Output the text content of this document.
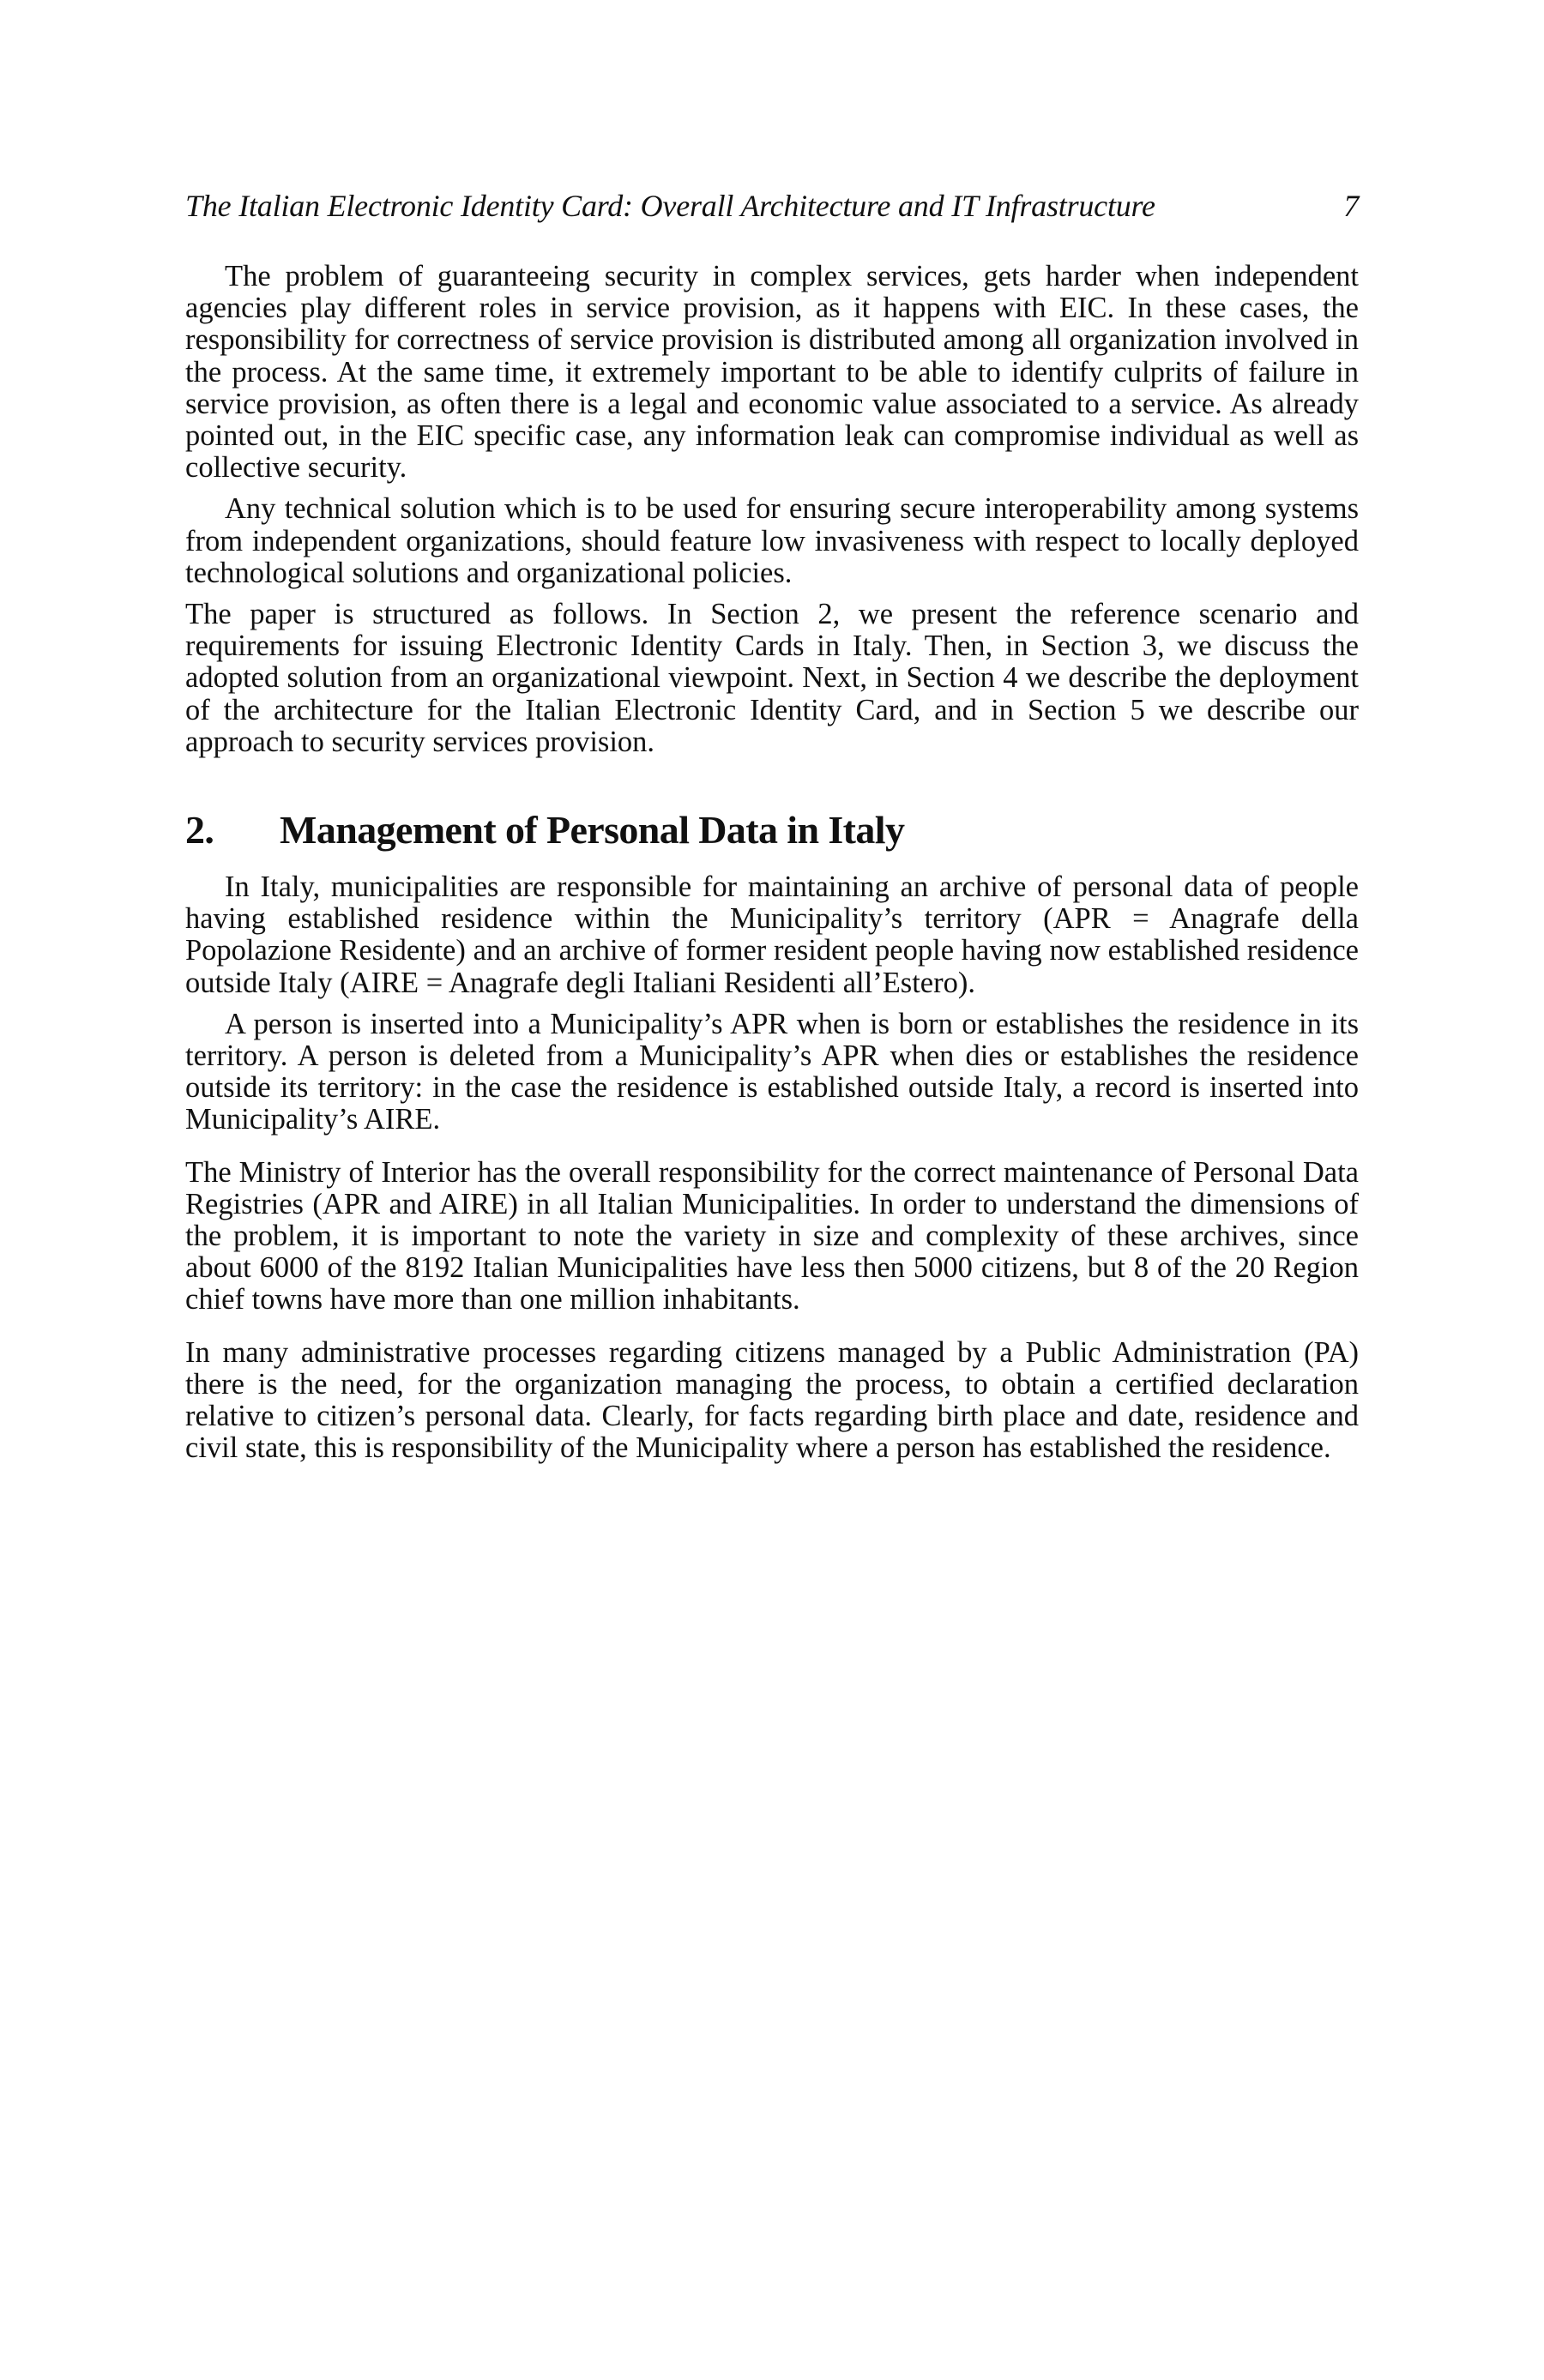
The Italian Electronic Identity Card: Overall Architecture and IT Infrastructure	7

The problem of guaranteeing security in complex services, gets harder when independent agencies play different roles in service provision, as it happens with EIC. In these cases, the responsibility for correctness of service provision is distributed among all organization involved in the process. At the same time, it extremely important to be able to identify culprits of failure in service provision, as often there is a legal and economic value associated to a service. As already pointed out, in the EIC specific case, any information leak can compromise individual as well as collective security.

Any technical solution which is to be used for ensuring secure interoperability among systems from independent organizations, should feature low invasiveness with respect to locally deployed technological solutions and organizational policies.

The paper is structured as follows. In Section 2, we present the reference scenario and requirements for issuing Electronic Identity Cards in Italy. Then, in Section 3, we discuss the adopted solution from an organizational viewpoint. Next, in Section 4 we describe the deployment of the architecture for the Italian Electronic Identity Card, and in Section 5 we describe our approach to security services provision.

2.	Management of Personal Data in Italy

In Italy, municipalities are responsible for maintaining an archive of personal data of people having established residence within the Municipality’s territory (APR = Anagrafe della Popolazione Residente) and an archive of former resident people having now established residence outside Italy (AIRE = Anagrafe degli Italiani Residenti all’Estero).

A person is inserted into a Municipality’s APR when is born or establishes the residence in its territory. A person is deleted from a Municipality’s APR when dies or establishes the residence outside its territory: in the case the residence is established outside Italy, a record is inserted into Municipality’s AIRE.

The Ministry of Interior has the overall responsibility for the correct maintenance of Personal Data Registries (APR and AIRE) in all Italian Municipalities. In order to understand the dimensions of the problem, it is important to note the variety in size and complexity of these archives, since about 6000 of the 8192 Italian Municipalities have less then 5000 citizens, but 8 of the 20 Region chief towns have more than one million inhabitants.

In many administrative processes regarding citizens managed by a Public Administration (PA) there is the need, for the organization managing the process, to obtain a certified declaration relative to citizen’s personal data. Clearly, for facts regarding birth place and date, residence and civil state, this is responsibility of the Municipality where a person has established the residence.
